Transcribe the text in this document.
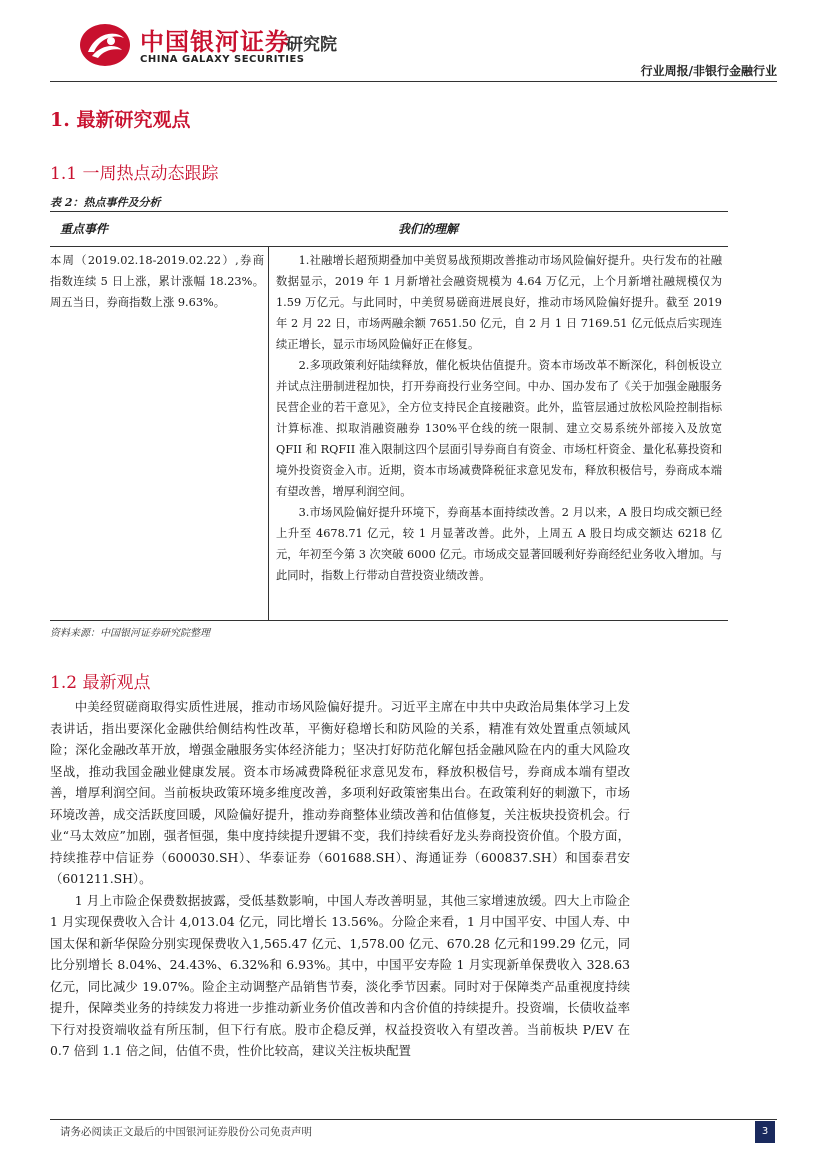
中国银河证券
研究院
CHINA GALAXY SECURITIES
行业周报/非银行金融行业
1. 最新研究观点
1.1 一周热点动态跟踪
表 2：热点事件及分析
重点事件	我们的理解

本周（2019.02.18-2019.02.22）,券商指数连续 5 日上涨，累计涨幅 18.23%。周五当日，券商指数上涨 9.63%。

1.社融增长超预期叠加中美贸易战预期改善推动市场风险偏好提升。央行发布的社融数据显示，2019 年 1 月新增社会融资规模为 4.64 万亿元，上个月新增社融规模仅为 1.59 万亿元。与此同时，中美贸易磋商进展良好，推动市场风险偏好提升。截至 2019 年 2 月 22 日，市场两融余额 7651.50 亿元，自 2 月 1 日 7169.51 亿元低点后实现连续正增长，显示市场风险偏好正在修复。

2.多项政策利好陆续释放，催化板块估值提升。资本市场改革不断深化，科创板设立并试点注册制进程加快，打开券商投行业务空间。中办、国办发布了《关于加强金融服务民营企业的若干意见》，全方位支持民企直接融资。此外，监管层通过放松风险控制指标计算标准、拟取消融资融券 130%平仓线的统一限制、建立交易系统外部接入及放宽 QFII 和 RQFII 准入限制这四个层面引导券商自有资金、市场杠杆资金、量化私募投资和境外投资资金入市。近期，资本市场减费降税征求意见发布，释放积极信号，券商成本端有望改善，增厚利润空间。

3.市场风险偏好提升环境下，券商基本面持续改善。2 月以来，A 股日均成交额已经上升至 4678.71 亿元，较 1 月显著改善。此外，上周五 A 股日均成交额达 6218 亿元，年初至今第 3 次突破 6000 亿元。市场成交显著回暖利好券商经纪业务收入增加。与此同时，指数上行带动自营投资业绩改善。

资料来源：中国银河证券研究院整理
1.2 最新观点

中美经贸磋商取得实质性进展，推动市场风险偏好提升。习近平主席在中共中央政治局集体学习上发表讲话，指出要深化金融供给侧结构性改革，平衡好稳增长和防风险的关系，精准有效处置重点领域风险；深化金融改革开放，增强金融服务实体经济能力；坚决打好防范化解包括金融风险在内的重大风险攻坚战，推动我国金融业健康发展。资本市场减费降税征求意见发布，释放积极信号，券商成本端有望改善，增厚利润空间。当前板块政策环境多维度改善，多项利好政策密集出台。在政策利好的刺激下，市场环境改善，成交活跃度回暖，风险偏好提升，推动券商整体业绩改善和估值修复，关注板块投资机会。行业“马太效应”加剧，强者恒强，集中度持续提升逻辑不变，我们持续看好龙头券商投资价值。个股方面，持续推荐中信证券（600030.SH）、华泰证券（601688.SH）、海通证券（600837.SH）和国泰君安（601211.SH）。

1 月上市险企保费数据披露，受低基数影响，中国人寿改善明显，其他三家增速放缓。四大上市险企 1 月实现保费收入合计 4,013.04 亿元，同比增长 13.56%。分险企来看，1 月中国平安、中国人寿、中国太保和新华保险分别实现保费收入1,565.47 亿元、1,578.00 亿元、670.28 亿元和199.29 亿元，同比分别增长 8.04%、24.43%、6.32%和 6.93%。其中，中国平安寿险 1 月实现新单保费收入 328.63 亿元，同比减少 19.07%。险企主动调整产品销售节奏，淡化季节因素。同时对于保障类产品重视度持续提升，保障类业务的持续发力将进一步推动新业务价值改善和内含价值的持续提升。投资端，长债收益率下行对投资端收益有所压制，但下行有底。股市企稳反弹，权益投资收入有望改善。当前板块 P/EV 在 0.7 倍到 1.1 倍之间，估值不贵，性价比较高，建议关注板块配置

请务必阅读正文最后的中国银河证券股份公司免责声明	3
